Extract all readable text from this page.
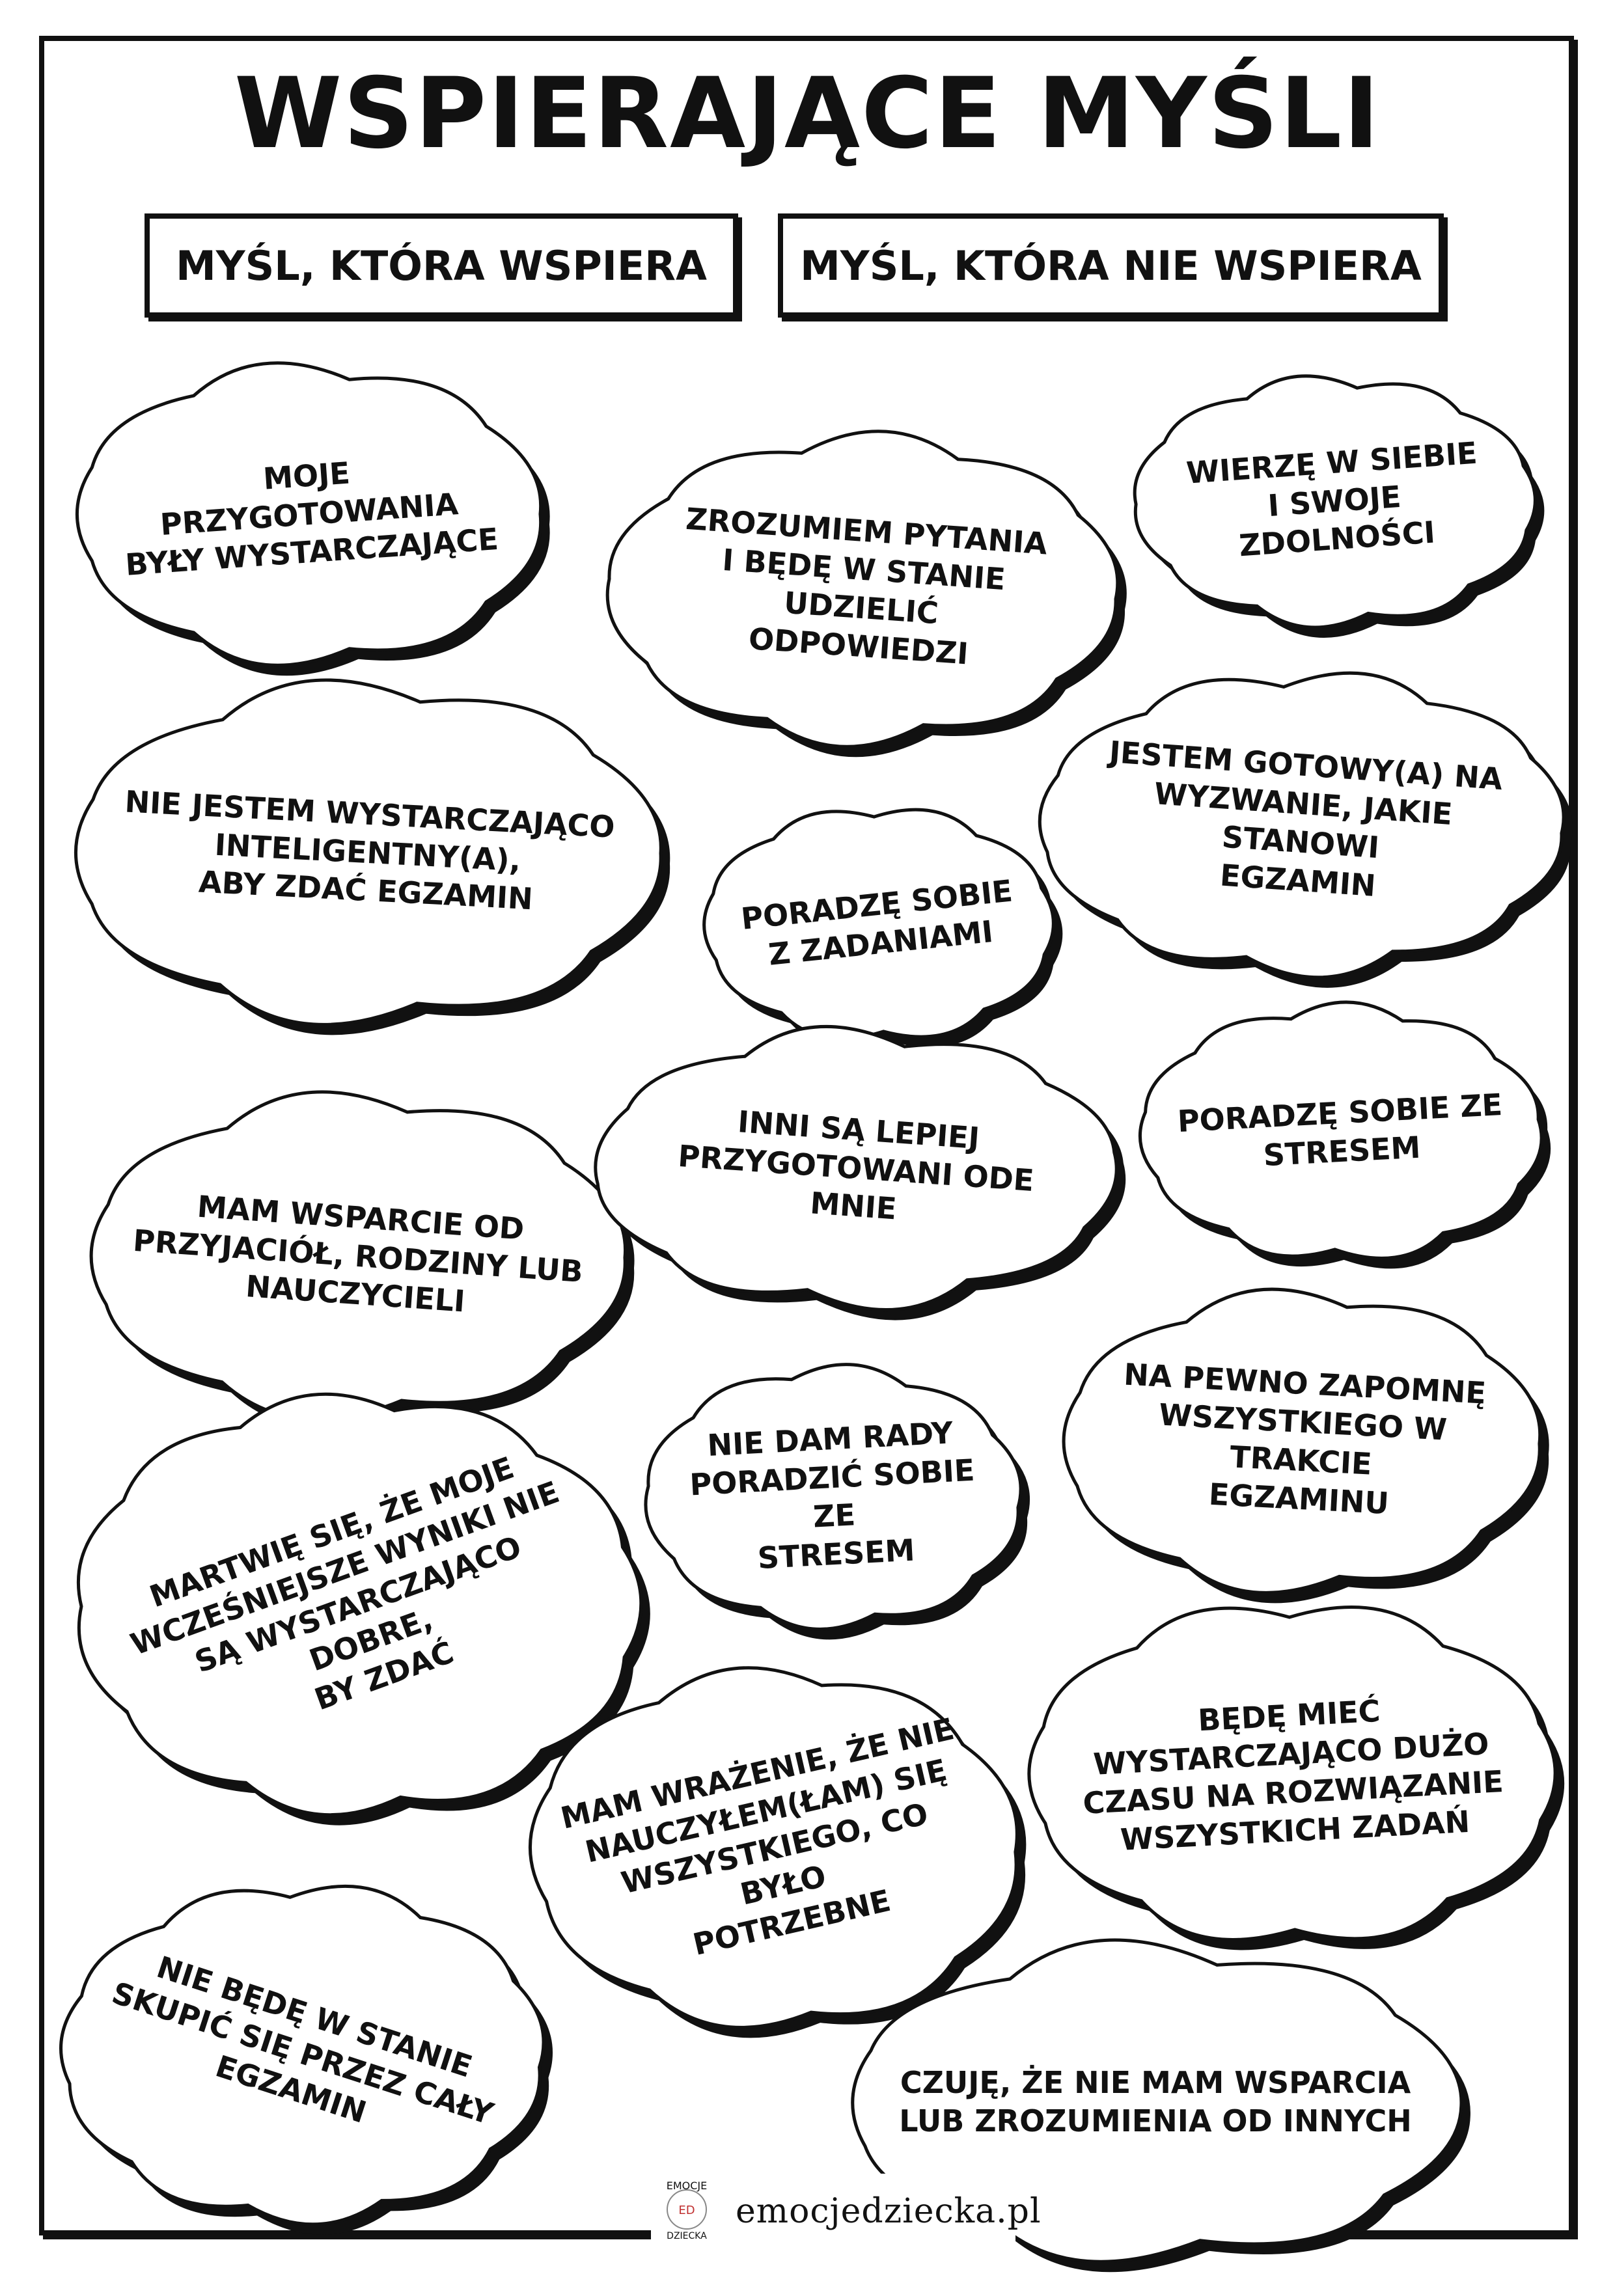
WSPIERAJĄCE MYŚLI
MYŚL, KTÓRA WSPIERA MYŚL, KTÓRA NIE WSPIERA
MOJE PRZYGOTOWANIA
BYŁY WYSTARCZAJĄCE	ZROZUMIEM PYTANIA
I BĘDĘ W STANIE UDZIELIĆ
ODPOWIEDZI
WIERZĘ W SIEBIE
I SWOJE ZDOLNOŚCI
NIE JESTEM WYSTARCZAJĄCO
INTELIGENTNY(A),
ABY ZDAĆ EGZAMIN	PORADZĘ SOBIE
Z ZADANIAMI
JESTEM GOTOWY(A) NA
WYZWANIE, JAKIE STANOWI
EGZAMIN
MAM WSPARCIE OD
PRZYJACIÓŁ, RODZINY LUB
NAUCZYCIELI
INNI SĄ LEPIEJ
PRZYGOTOWANI ODE MNIE
PORADZĘ SOBIE ZE
STRESEM
NA PEWNO ZAPOMNĘ
WSZYSTKIEGO W TRAKCIE
EGZAMINU
NIE DAM RADY
PORADZIĆ SOBIE ZE
STRESEM
MARTWIĘ SIĘ, ŻE MOJE
WCZEŚNIEJSZE WYNIKI NIE
SĄ WYSTARCZAJĄCO DOBRE,
BY ZDAĆ
MAM WRAŻENIE, ŻE NIE
NAUCZYŁEM(ŁAM) SIĘ
WSZYSTKIEGO, CO BYŁO
POTRZEBNE
BĘDĘ MIEĆ
WYSTARCZAJĄCO DUŻO
CZASU NA ROZWIĄZANIE
WSZYSTKICH ZADAŃ
NIE BĘDĘ W STANIE
SKUPIĆ SIĘ PRZEZ CAŁY
EGZAMIN	CZUJĘ, ŻE NIE MAM WSPARCIA
LUB ZROZUMIENIA OD INNYCH
EMOCJE
ED
DZIECKA
emocjedziecka.pl
